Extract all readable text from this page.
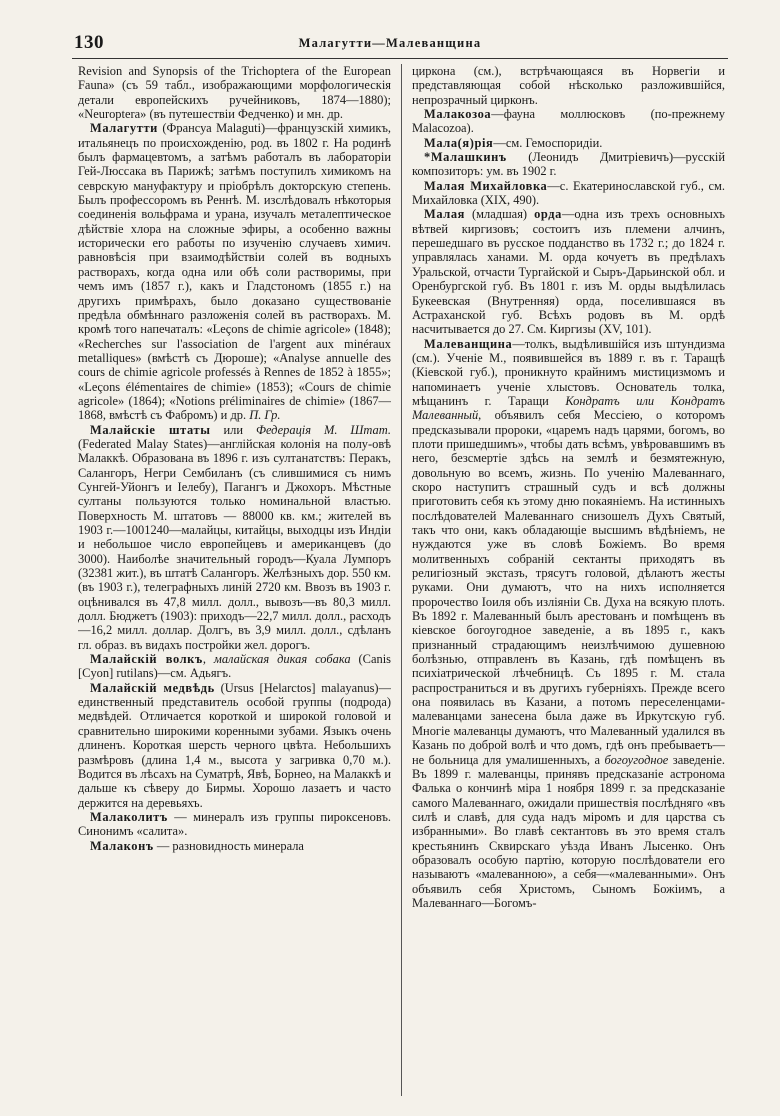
130	Малагутти—Малеванщина

Revision and Synopsis of the Trichoptera of the European Fauna» (съ 59 табл., изображающими морфологическія детали европейскихъ ручейниковъ, 1874—1880); «Neuroptera» (въ путешествіи Федченко) и мн. др.

Малагутти (Франсуа Malaguti)—французскій химикъ, итальянецъ по происхожденію, род. въ 1802 г. На родинѣ былъ фармацевтомъ, а затѣмъ работалъ въ лабораторіи Гей-Люссака въ Парижѣ; затѣмъ поступилъ химикомъ на севрскую мануфактуру и пріобрѣлъ докторскую степень. Былъ профессоромъ въ Реннѣ. М. изслѣдовалъ нѣкоторыя соединенія вольфрама и урана, изучалъ металептическое дѣйствіе хлора на сложные эфиры, а особенно важны исторически его работы по изученію случаевъ химич. равновѣсія при взаимодѣйствіи солей въ водныхъ растворахъ, когда одна или обѣ соли растворимы, при чемъ имъ (1857 г.), какъ и Гладстономъ (1855 г.) на другихъ примѣрахъ, было доказано существованіе предѣла обмѣннаго разложенія солей въ растворахъ. М. кромѣ того напечаталъ: «Leçons de chimie agricole» (1848); «Recherches sur l'association de l'argent aux minéraux metalliques» (вмѣстѣ съ Дюроше); «Analyse annuelle des cours de chimie agricole professés à Rennes de 1852 à 1855»; «Leçons élémentaires de chimie» (1853); «Cours de chimie agricole» (1864); «Notions préliminaires de chimie» (1867—1868, вмѣстѣ съ Фабромъ) и др. П. Гр.

Малайскіе штаты или Федерація М. Штат. (Federated Malay States)—англійская колонія на полу-овѣ Малаккѣ. Образована въ 1896 г. изъ султанатствъ: Пеpакъ, Салангоръ, Негри Сембиланъ (съ слившимися съ нимъ Сунгей-Уйонгъ и Іелебу), Пагангъ и Джохоръ. Мѣстные султаны пользуются только номинальной властью. Поверхность М. штатовъ — 88000 кв. км.; жителей въ 1903 г.—1001240—малайцы, китайцы, выходцы изъ Индіи и небольшое число европейцевъ и американцевъ (до 3000). Наиболѣе значительный городъ—Куала Лумпоръ (32381 жит.), въ штатѣ Салангоръ. Желѣзныхъ дор. 550 км. (въ 1903 г.), телеграфныхъ линій 2720 км. Ввозъ въ 1903 г. оцѣнивался въ 47,8 милл. долл., вывозъ—въ 80,3 милл. долл. Бюджетъ (1903): приходъ—22,7 милл. долл., расходъ—16,2 милл. доллар. Долгъ, въ 3,9 милл. долл., сдѣланъ гл. образ. въ видахъ постройки жел. дорогъ.

Малайскій волкъ, малайская дикая собака (Canis [Cyon] rutilans)—см. Адьягъ.

Малайскій медвѣдь (Ursus [Helarctos] malayanus)—единственный представитель особой группы (подрода) медвѣдей. Отличается короткой и широкой головой и сравнительно широкими коренными зубами. Языкъ очень длиненъ. Короткая шерсть черного цвѣта. Небольшихъ размѣровъ (длина 1,4 м., высота у загривка 0,70 м.). Водится въ лѣсахъ на Суматрѣ, Явѣ, Борнео, на Малаккѣ и дальше къ сѣверу до Бирмы. Хорошо лазаетъ и часто держится на деревьяхъ.

Малаколитъ — минералъ изъ группы пироксеновъ. Синонимъ «салита».

Малаконъ — разновидность минерала

циркона (см.), встрѣчающаяся въ Норвегіи и представляющая собой нѣсколько разложившійся, непрозрачный цирконъ.

Малакозоа—фауна моллюсковъ (по-прежнему Malacozoa).

Мала(я)рія—см. Гемоспоридіи.

*Малашкинъ (Леонидъ Дмитріевичъ)—русскій композиторъ: ум. въ 1902 г.

Малая Михайловка—с. Екатеринославской губ., см. Михайловка (XIX, 490).

Малая (младшая) орда—одна изъ трехъ основныхъ вѣтвей киргизовъ; состоитъ изъ племени алчинъ, перешедшаго въ русское подданство въ 1732 г.; до 1824 г. управлялась ханами. М. орда кочуетъ въ предѣлахъ Уральской, отчасти Тургайской и Сыръ-Дарьинской обл. и Оренбургской губ. Въ 1801 г. изъ М. орды выдѣлилась Букеевская (Внутренняя) орда, поселившаяся въ Астраханской губ. Всѣхъ родовъ въ М. ордѣ насчитывается до 27. См. Киргизы (XV, 101).

Малеванщина—толкъ, выдѣлившійся изъ штундизма (см.). Ученіе М., появившейся въ 1889 г. въ г. Таращѣ (Кіевской губ.), проникнуто крайнимъ мистицизмомъ и напоминаетъ ученіе хлыстовъ. Основатель толка, мѣщанинъ г. Таращи Кондратъ или Кондратъ Малеванный, объявилъ себя Мессіею, о которомъ предсказывали пророки, «царемъ надъ царями, богомъ, во плоти пришедшимъ», чтобы дать всѣмъ, увѣровавшимъ въ него, безсмертіе здѣсь на землѣ и безмятежную, довольную во всемъ, жизнь. По ученію Малеваннаго, скоро наступитъ страшный судъ и всѣ должны приготовить себя къ этому дню покаяніемъ. На истинныхъ послѣдователей Малеваннаго снизошелъ Духъ Святый, такъ что они, какъ обладающіе высшимъ вѣдѣніемъ, не нуждаются уже въ словѣ Божіемъ. Во время молитвенныхъ собраній сектанты приходятъ въ религіозный экстазъ, трясутъ головой, дѣлаютъ жесты руками. Они думаютъ, что на нихъ исполняется пророчество Іоиля объ изліяніи Св. Духа на всякую плоть. Въ 1892 г. Малеванный былъ арестованъ и помѣщенъ въ кіевское богоугодное заведеніе, а въ 1895 г., какъ признанный страдающимъ неизлѣчимою душевною болѣзнью, отправленъ въ Казань, гдѣ помѣщенъ въ психіатрической лѣчебницѣ. Съ 1895 г. М. стала распространиться и въ другихъ губерніяхъ. Прежде всего она появилась въ Казани, а потомъ переселенцами-малеванцами занесена была даже въ Иркутскую губ. Многіе малеванцы думаютъ, что Малеванный удалился въ Казань по доброй волѣ и что домъ, гдѣ онъ пребываетъ—не больница для умалишенныхъ, а богоугодное заведеніе. Въ 1899 г. малеванцы, принявъ предсказаніе астронома Фалька о кончинѣ міра 1 ноября 1899 г. за предсказаніе самого Малеваннаго, ожидали пришествія послѣдняго «въ силѣ и славѣ, для суда надъ міромъ и для царства съ избранными». Во главѣ сектантовъ въ это время сталъ крестьянинъ Сквирскаго уѣзда Иванъ Лысенко. Онъ образовалъ особую партію, которую послѣдователи его называютъ «малеванною», а себя—«малеванными». Онъ объявилъ себя Христомъ, Сыномъ Божіимъ, а Малеваннаго—Богомъ-
